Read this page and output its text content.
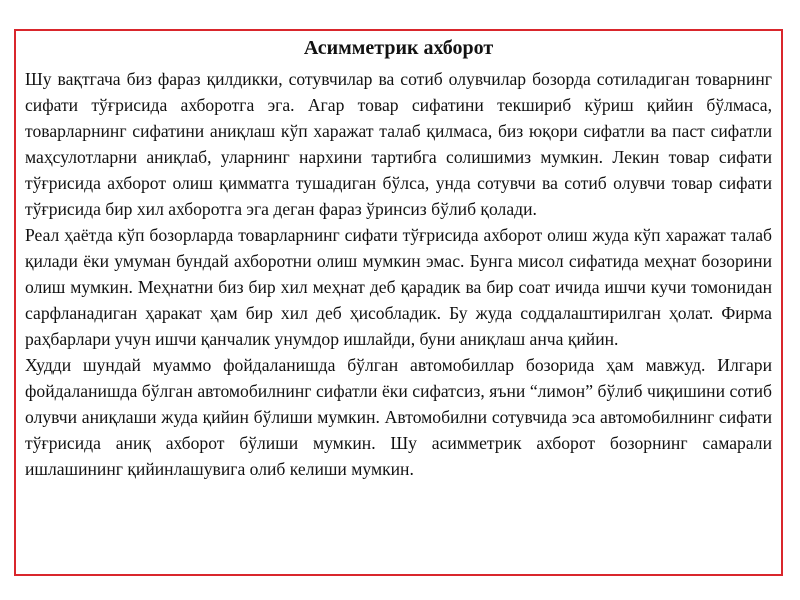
Асимметрик ахборот

Шу вақтгача биз фараз қилдикки, сотувчилар ва сотиб олувчилар бозорда сотиладиган товарнинг сифати тўғрисида ахборотга эга. Агар товар сифатини текшириб кўриш қийин бўлмаса, товарларнинг сифатини аниқлаш кўп харажат талаб қилмаса, биз юқори сифатли ва паст сифатли маҳсулотларни аниқлаб, уларнинг нархини тартибга солишимиз мумкин. Лекин товар сифати тўғрисида ахборот олиш қимматга тушадиган бўлса, унда сотувчи ва сотиб олувчи товар сифати тўғрисида бир хил ахборотга эга деган фараз ўринсиз бўлиб қолади.

Реал ҳаётда кўп бозорларда товарларнинг сифати тўғрисида ахборот олиш жуда кўп харажат талаб қилади ёки умуман бундай ахборотни олиш мумкин эмас. Бунга мисол сифатида меҳнат бозорини олиш мумкин. Меҳнатни биз бир хил меҳнат деб қарадик ва бир соат ичида ишчи кучи томонидан сарфланадиган ҳаракат ҳам бир хил деб ҳисобладик. Бу жуда соддалаштирилган ҳолат. Фирма раҳбарлари учун ишчи қанчалик унумдор ишлайди, буни аниқлаш анча қийин.

Худди шундай муаммо фойдаланишда бўлган автомобиллар бозорида ҳам мавжуд. Илгари фойдаланишда бўлган автомобилнинг сифатли ёки сифатсиз, яъни “лимон” бўлиб чиқишини сотиб олувчи аниқлаши жуда қийин бўлиши мумкин. Автомобилни сотувчида эса автомобилнинг сифати тўғрисида аниқ ахборот бўлиши мумкин. Шу асимметрик ахборот бозорнинг самарали ишлашининг қийинлашувига олиб келиши мумкин.
